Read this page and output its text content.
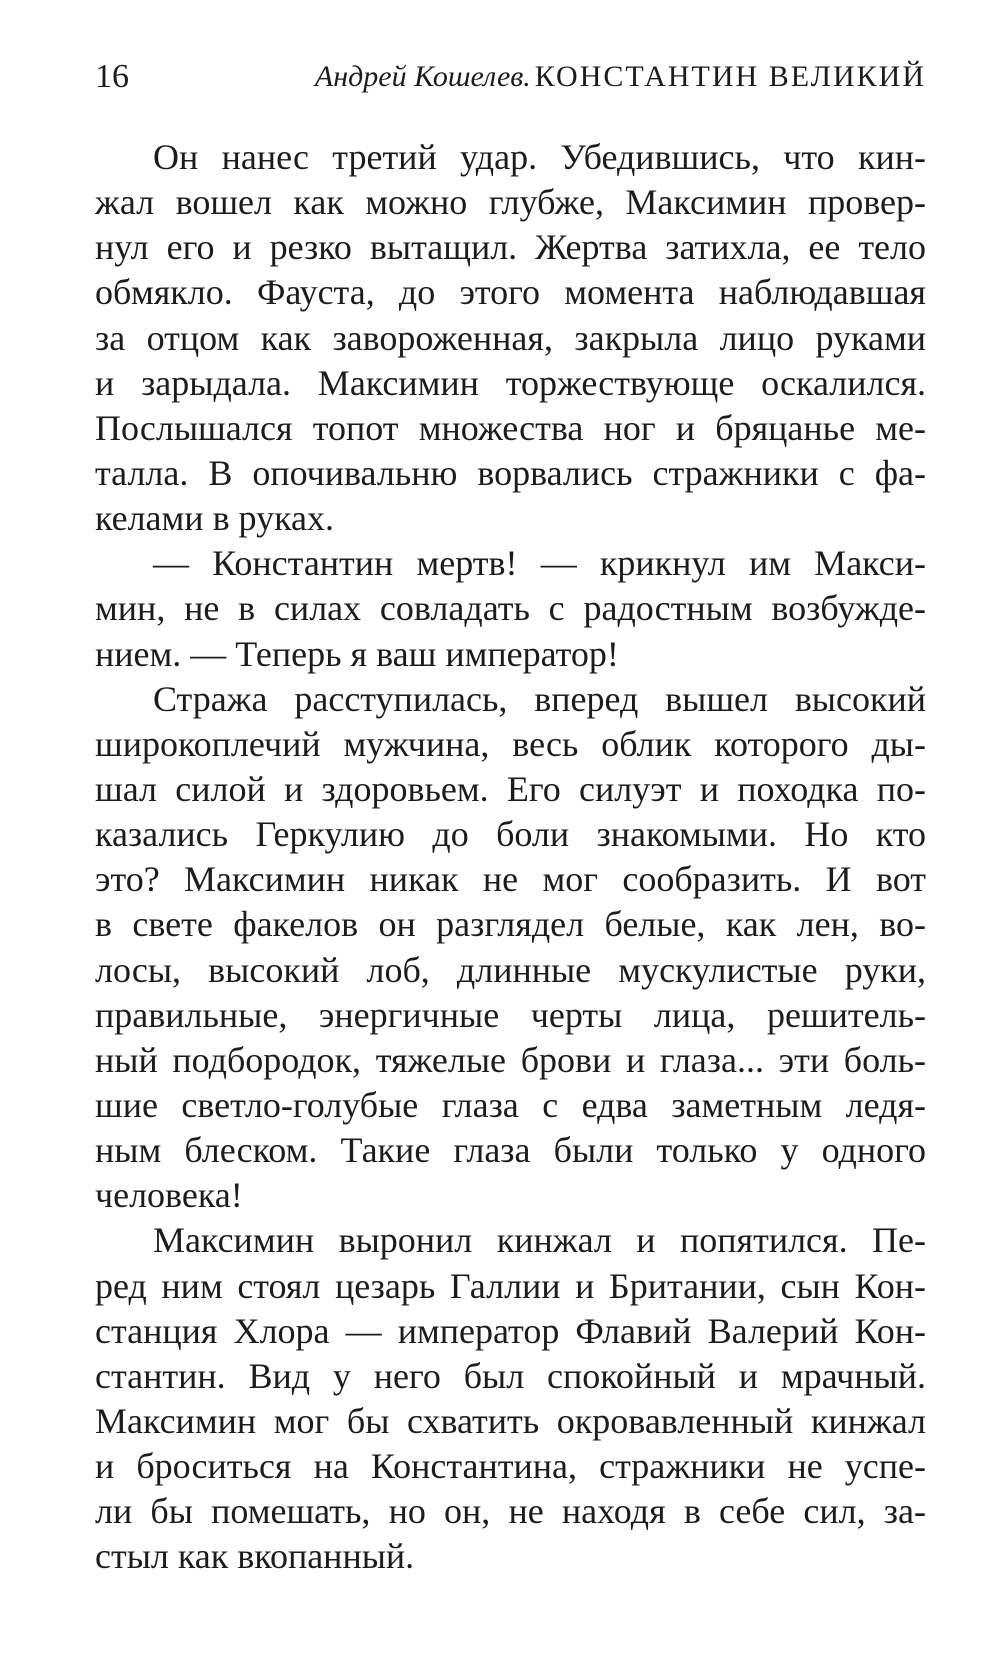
16	Андрей Кошелев. КОНСТАНТИН ВЕЛИКИЙ
Он нанес третий удар. Убедившись, что кин-
жал вошел как можно глубже, Максимин провер-
нул его и резко вытащил. Жертва затихла, ее тело
обмякло. Фауста, до этого момента наблюдавшая
за отцом как завороженная, закрыла лицо руками
и зарыдала. Максимин торжествующе оскалился.
Послышался топот множества ног и бряцанье ме-
талла. В опочивальню ворвались стражники с фа-
келами в руках.
— Константин мертв! — крикнул им Макси-
мин, не в силах совладать с радостным возбужде-
нием. — Теперь я ваш император!
Стража расступилась, вперед вышел высокий
широкоплечий мужчина, весь облик которого ды-
шал силой и здоровьем. Его силуэт и походка по-
казались Геркулию до боли знакомыми. Но кто
это? Максимин никак не мог сообразить. И вот
в свете факелов он разглядел белые, как лен, во-
лосы, высокий лоб, длинные мускулистые руки,
правильные, энергичные черты лица, решитель-
ный подбородок, тяжелые брови и глаза... эти боль-
шие светло-голубые глаза с едва заметным ледя-
ным блеском. Такие глаза были только у одного
человека!
Максимин выронил кинжал и попятился. Пе-
ред ним стоял цезарь Галлии и Британии, сын Кон-
станция Хлора — император Флавий Валерий Кон-
стантин. Вид у него был спокойный и мрачный.
Максимин мог бы схватить окровавленный кинжал
и броситься на Константина, стражники не успе-
ли бы помешать, но он, не находя в себе сил, за-
стыл как вкопанный.
